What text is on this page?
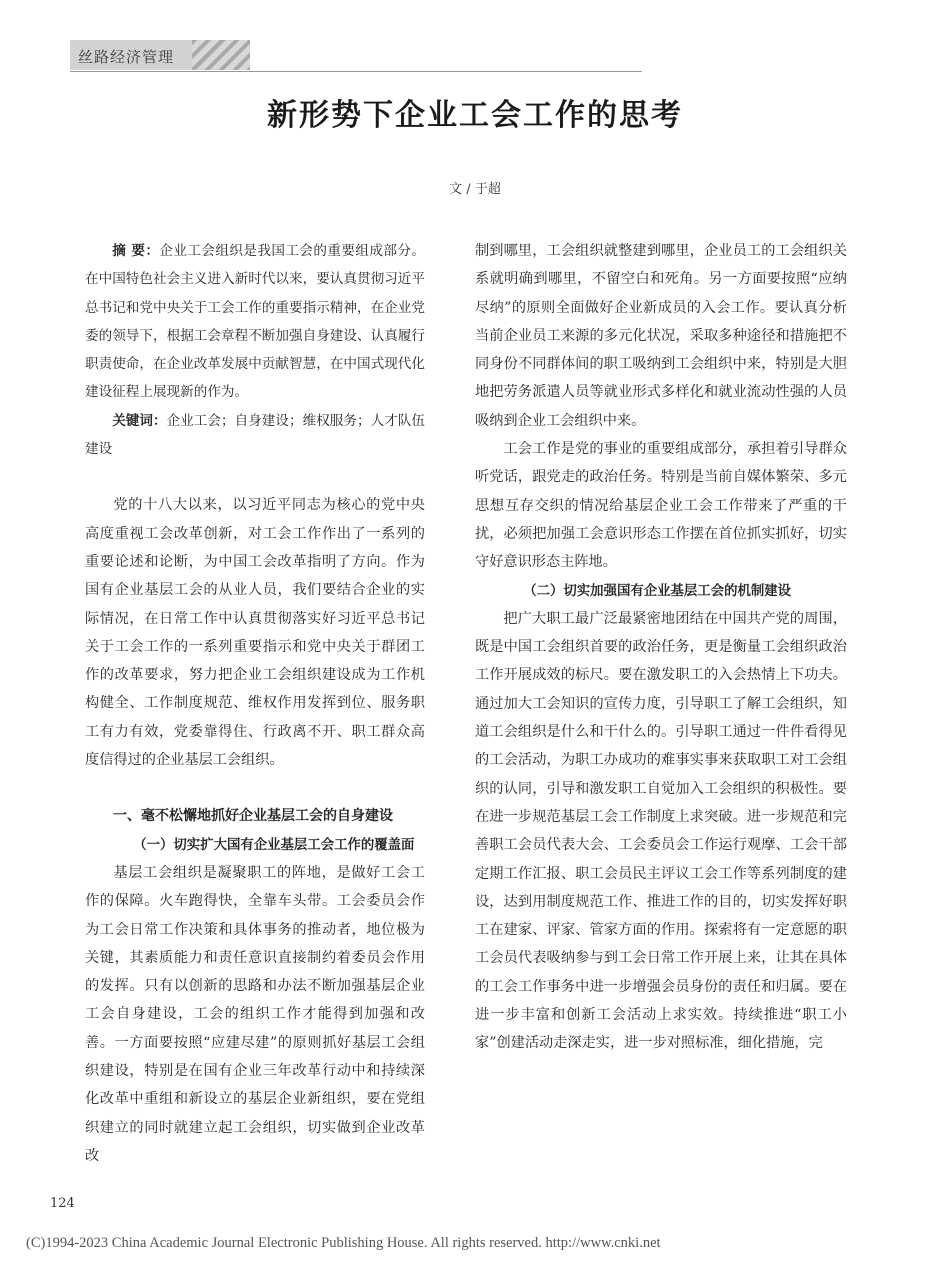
丝路经济管理
新形势下企业工会工作的思考
文 / 于超

摘 要：企业工会组织是我国工会的重要组成部分。在中国特色社会主义进入新时代以来，要认真贯彻习近平总书记和党中央关于工会工作的重要指示精神，在企业党委的领导下，根据工会章程不断加强自身建设、认真履行职责使命，在企业改革发展中贡献智慧，在中国式现代化建设征程上展现新的作为。

关键词：企业工会；自身建设；维权服务；人才队伍建设

党的十八大以来，以习近平同志为核心的党中央高度重视工会改革创新，对工会工作作出了一系列的重要论述和论断，为中国工会改革指明了方向。作为国有企业基层工会的从业人员，我们要结合企业的实际情况，在日常工作中认真贯彻落实好习近平总书记关于工会工作的一系列重要指示和党中央关于群团工作的改革要求，努力把企业工会组织建设成为工作机构健全、工作制度规范、维权作用发挥到位、服务职工有力有效，党委靠得住、行政离不开、职工群众高度信得过的企业基层工会组织。

一、毫不松懈地抓好企业基层工会的自身建设

（一）切实扩大国有企业基层工会工作的覆盖面

基层工会组织是凝聚职工的阵地，是做好工会工作的保障。火车跑得快，全靠车头带。工会委员会作为工会日常工作决策和具体事务的推动者，地位极为关键，其素质能力和责任意识直接制约着委员会作用的发挥。只有以创新的思路和办法不断加强基层企业工会自身建设，工会的组织工作才能得到加强和改善。一方面要按照“应建尽建”的原则抓好基层工会组织建设，特别是在国有企业三年改革行动中和持续深化改革中重组和新设立的基层企业新组织，要在党组织建立的同时就建立起工会组织，切实做到企业改革改

制到哪里，工会组织就整建到哪里，企业员工的工会组织关系就明确到哪里，不留空白和死角。另一方面要按照“应纳尽纳”的原则全面做好企业新成员的入会工作。要认真分析当前企业员工来源的多元化状况，采取多种途径和措施把不同身份不同群体间的职工吸纳到工会组织中来，特别是大胆地把劳务派遣人员等就业形式多样化和就业流动性强的人员吸纳到企业工会组织中来。

工会工作是党的事业的重要组成部分，承担着引导群众听党话，跟党走的政治任务。特别是当前自媒体繁荣、多元思想互存交织的情况给基层企业工会工作带来了严重的干扰，必须把加强工会意识形态工作摆在首位抓实抓好，切实守好意识形态主阵地。

（二）切实加强国有企业基层工会的机制建设

把广大职工最广泛最紧密地团结在中国共产党的周围，既是中国工会组织首要的政治任务，更是衡量工会组织政治工作开展成效的标尺。要在激发职工的入会热情上下功夫。通过加大工会知识的宣传力度，引导职工了解工会组织，知道工会组织是什么和干什么的。引导职工通过一件件看得见的工会活动，为职工办成功的难事实事来获取职工对工会组织的认同，引导和激发职工自觉加入工会组织的积极性。要在进一步规范基层工会工作制度上求突破。进一步规范和完善职工会员代表大会、工会委员会工作运行观摩、工会干部定期工作汇报、职工会员民主评议工会工作等系列制度的建设，达到用制度规范工作、推进工作的目的，切实发挥好职工在建家、评家、管家方面的作用。探索将有一定意愿的职工会员代表吸纳参与到工会日常工作开展上来，让其在具体的工会工作事务中进一步增强会员身份的责任和归属。要在进一步丰富和创新工会活动上求实效。持续推进“职工小家”创建活动走深走实，进一步对照标准，细化措施，完

124
(C)1994-2023 China Academic Journal Electronic Publishing House. All rights reserved. http://www.cnki.net
